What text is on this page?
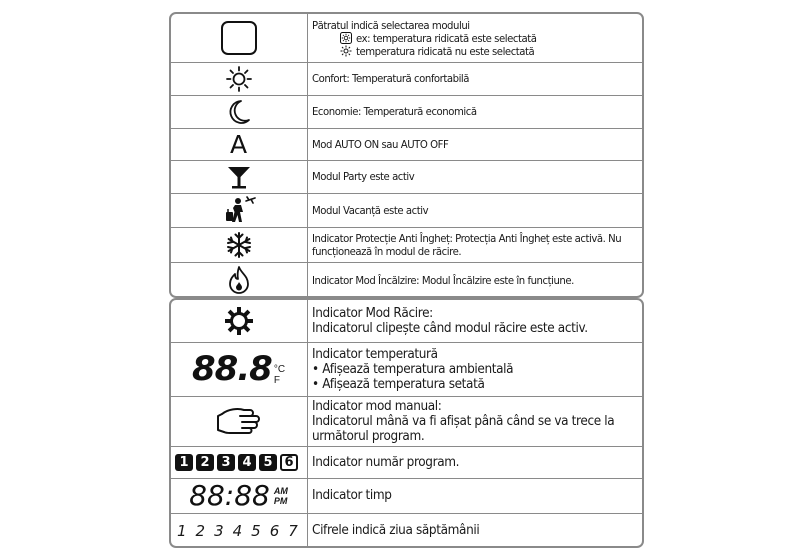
Pătratul indică selectarea modului
ex: temperatura ridicată este selectată
temperatura ridicată nu este selectată
Confort: Temperatură confortabilă
Economie: Temperatură economică
A	Mod AUTO ON sau AUTO OFF
Modul Party este activ
Modul Vacanță este activ
Indicator Protecție Anti Îngheț: Protecția Anti Îngheț este activă. Nu
funcționează în modul de răcire.
Indicator Mod Încălzire: Modul Încălzire este în funcțiune.
Indicator Mod Răcire:
Indicatorul clipește când modul răcire este activ.
88.8 °C
F
Indicator temperatură
• Afișează temperatura ambientală
• Afișează temperatura setată
Indicator mod manual:
Indicatorul mână va fi afișat până când se va trece la
următorul program.
1 2 3 4 5 6	Indicator număr program.
88:88 AM
PM Indicator timp
1234567 Cifrele indică ziua săptămânii
